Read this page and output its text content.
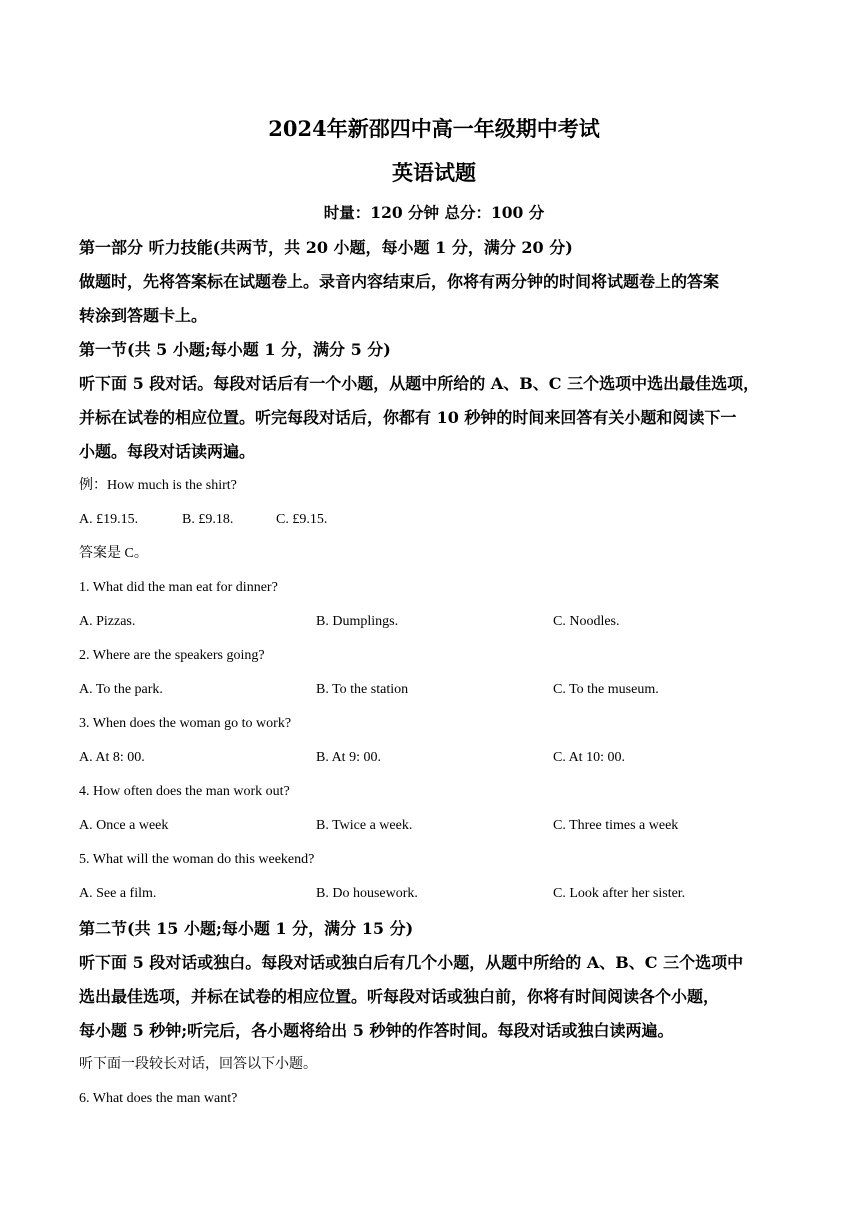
2024年新邵四中高一年级期中考试
英语试题
时量：120 分钟 总分：100 分
第一部分 听力技能(共两节，共 20 小题，每小题 1 分，满分 20 分)
做题时，先将答案标在试题卷上。录音内容结束后，你将有两分钟的时间将试题卷上的答案
转涂到答题卡上。
第一节(共 5 小题;每小题 1 分，满分 5 分)
听下面 5 段对话。每段对话后有一个小题，从题中所给的 A、B、C 三个选项中选出最佳选项，
并标在试卷的相应位置。听完每段对话后，你都有 10 秒钟的时间来回答有关小题和阅读下一
小题。每段对话读两遍。
例：How much is the shirt?
A. £19.15.	B. £9.18.	C. £9.15.
答案是 C。
1. What did the man eat for dinner?
A. Pizzas.	B. Dumplings.	C. Noodles.
2. Where are the speakers going?
A. To the park.	B. To the station	C. To the museum.
3. When does the woman go to work?
A. At 8: 00.	B. At 9: 00.	C. At 10: 00.
4. How often does the man work out?
A. Once a week	B. Twice a week.	C. Three times a week
5. What will the woman do this weekend?
A. See a film.	B. Do housework.	C. Look after her sister.
第二节(共 15 小题;每小题 1 分，满分 15 分)
听下面 5 段对话或独白。每段对话或独白后有几个小题，从题中所给的 A、B、C 三个选项中
选出最佳选项，并标在试卷的相应位置。听每段对话或独白前，你将有时间阅读各个小题，
每小题 5 秒钟;听完后，各小题将给出 5 秒钟的作答时间。每段对话或独白读两遍。
听下面一段较长对话，回答以下小题。
6. What does the man want?
